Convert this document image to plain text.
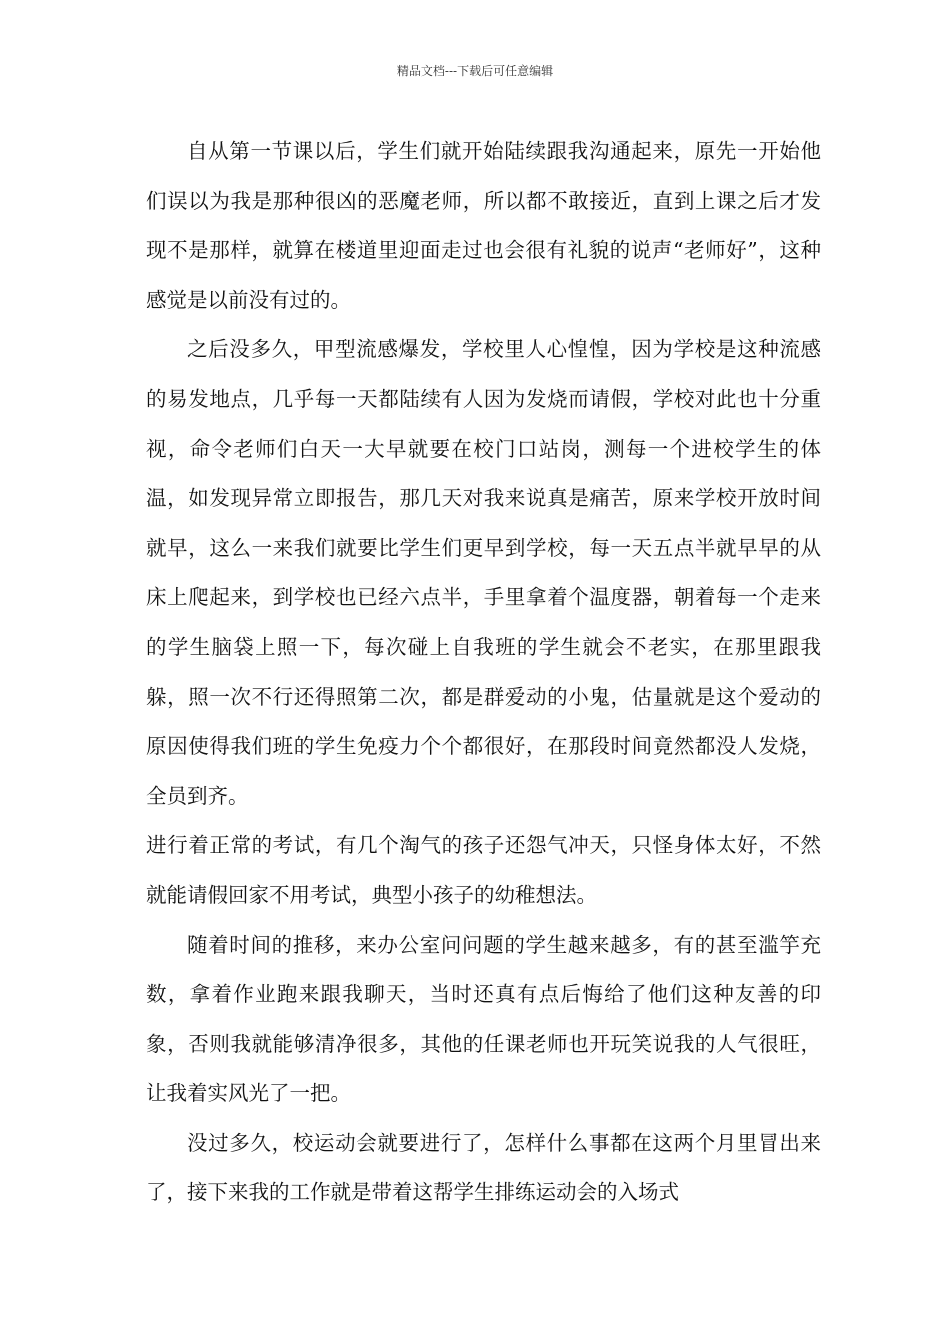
精品文档---下载后可任意编辑

自从第一节课以后，学生们就开始陆续跟我沟通起来，原先一开始他们误以为我是那种很凶的恶魔老师，所以都不敢接近，直到上课之后才发现不是那样，就算在楼道里迎面走过也会很有礼貌的说声“老师好”，这种感觉是以前没有过的。

之后没多久，甲型流感爆发，学校里人心惶惶，因为学校是这种流感的易发地点，几乎每一天都陆续有人因为发烧而请假，学校对此也十分重视，命令老师们白天一大早就要在校门口站岗，测每一个进校学生的体温，如发现异常立即报告，那几天对我来说真是痛苦，原来学校开放时间就早，这么一来我们就要比学生们更早到学校，每一天五点半就早早的从床上爬起来，到学校也已经六点半，手里拿着个温度器，朝着每一个走来的学生脑袋上照一下，每次碰上自我班的学生就会不老实，在那里跟我躲，照一次不行还得照第二次，都是群爱动的小鬼，估量就是这个爱动的原因使得我们班的学生免疫力个个都很好，在那段时间竟然都没人发烧，全员到齐。

进行着正常的考试，有几个淘气的孩子还怨气冲天，只怪身体太好，不然就能请假回家不用考试，典型小孩子的幼稚想法。

随着时间的推移，来办公室问问题的学生越来越多，有的甚至滥竽充数，拿着作业跑来跟我聊天，当时还真有点后悔给了他们这种友善的印象，否则我就能够清净很多，其他的任课老师也开玩笑说我的人气很旺，让我着实风光了一把。

没过多久，校运动会就要进行了，怎样什么事都在这两个月里冒出来了，接下来我的工作就是带着这帮学生排练运动会的入场式
